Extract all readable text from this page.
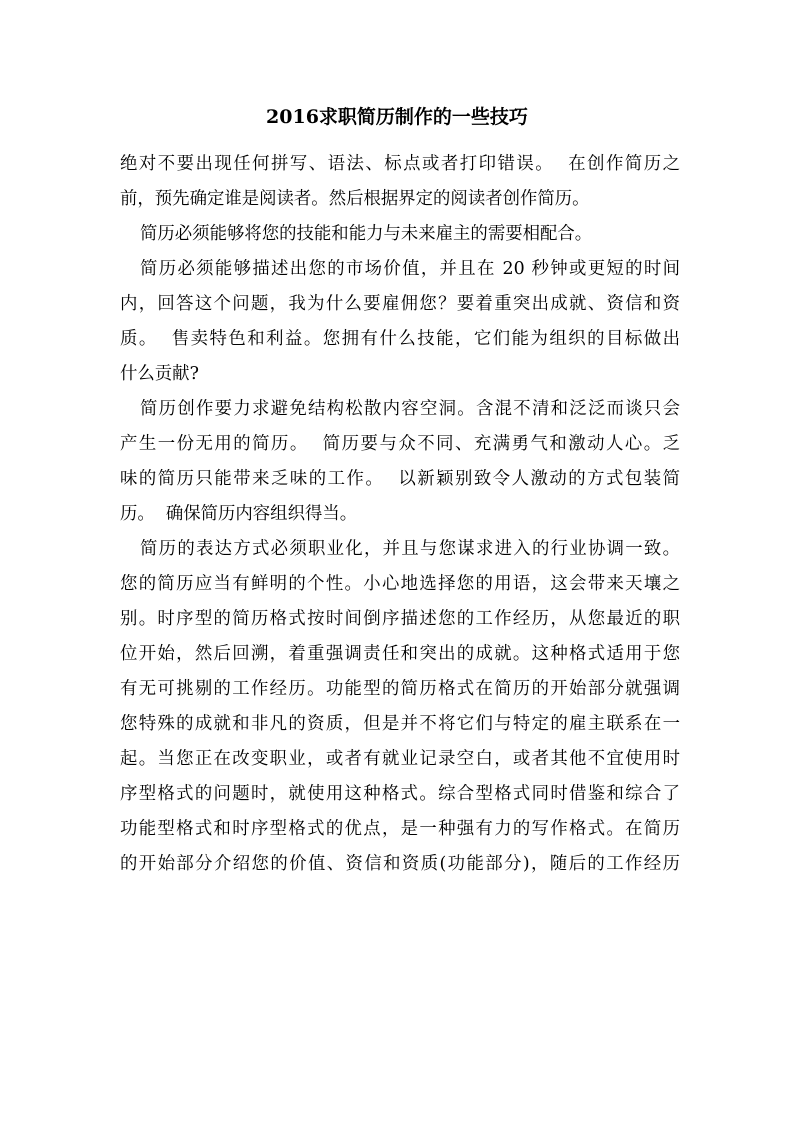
2016求职简历制作的一些技巧
绝对不要出现任何拼写、语法、标点或者打印错误。  在创作简历之
前，预先确定谁是阅读者。然后根据界定的阅读者创作简历。
简历必须能够将您的技能和能力与未来雇主的需要相配合。
简历必须能够描述出您的市场价值，并且在 20 秒钟或更短的时间
内，回答这个问题，我为什么要雇佣您？要着重突出成就、资信和资
质。  售卖特色和利益。您拥有什么技能，它们能为组织的目标做出
什么贡献?
简历创作要力求避免结构松散内容空洞。含混不清和泛泛而谈只会
产生一份无用的简历。  简历要与众不同、充满勇气和激动人心。乏
味的简历只能带来乏味的工作。  以新颖别致令人激动的方式包装简
历。  确保简历内容组织得当。
简历的表达方式必须职业化，并且与您谋求进入的行业协调一致。
您的简历应当有鲜明的个性。小心地选择您的用语，这会带来天壤之
别。时序型的简历格式按时间倒序描述您的工作经历，从您最近的职
位开始，然后回溯，着重强调责任和突出的成就。这种格式适用于您
有无可挑剔的工作经历。功能型的简历格式在简历的开始部分就强调
您特殊的成就和非凡的资质，但是并不将它们与特定的雇主联系在一
起。当您正在改变职业，或者有就业记录空白，或者其他不宜使用时
序型格式的问题时，就使用这种格式。综合型格式同时借鉴和综合了
功能型格式和时序型格式的优点，是一种强有力的写作格式。在简历
的开始部分介绍您的价值、资信和资质(功能部分)，随后的工作经历
